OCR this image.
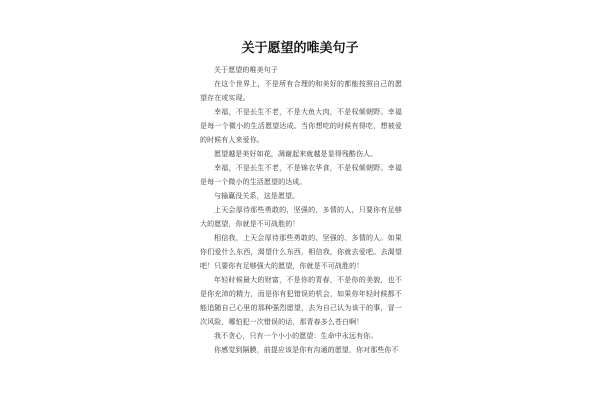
关于愿望的唯美句子

关于愿望的唯美句子

在这个世界上，不是所有合理的和美好的都能按照自己的愿望存在或实现。

幸福，不是长生不老，不是大鱼大肉，不是权倾朝野。幸福是每一个微小的生活愿望达成。当你想吃的时候有得吃，想被爱的时候有人来爱你。

愿望越是美好如花，凋谢起来就越是显得残酷伤人。

幸福，不是长生不老，不是锦衣华食，不是权倾朝野。幸福是每一个微小的生活愿望的达成。

与输赢没关系，这是愿望。

上天会厚待那些勇敢的，坚强的，多情的人，只要你有足够大的愿望，你就是不可战胜的！

相信我，上天会厚待那些勇敢的、坚强的、多情的人。如果你们爱什么东西，渴望什么东西，相信我，你就去爱吧。去渴望吧！只要你有足够强大的愿望，你就是不可战胜的！

年轻时候最大的财富，不是你的青春，不是你的美貌，也不是你充沛的精力，而是你有犯错误的机会，如果你年轻时候都不能追随自己心里的那种强烈愿望，去为自己认为该干的事，冒一次风险，哪怕犯一次错误的话，那青春多么苍白啊！

我不贪心，只有一个小小的愿望：生命中永远有你。

你感觉到隔膜，前提应该是你有沟通的愿望，你对那些你不
